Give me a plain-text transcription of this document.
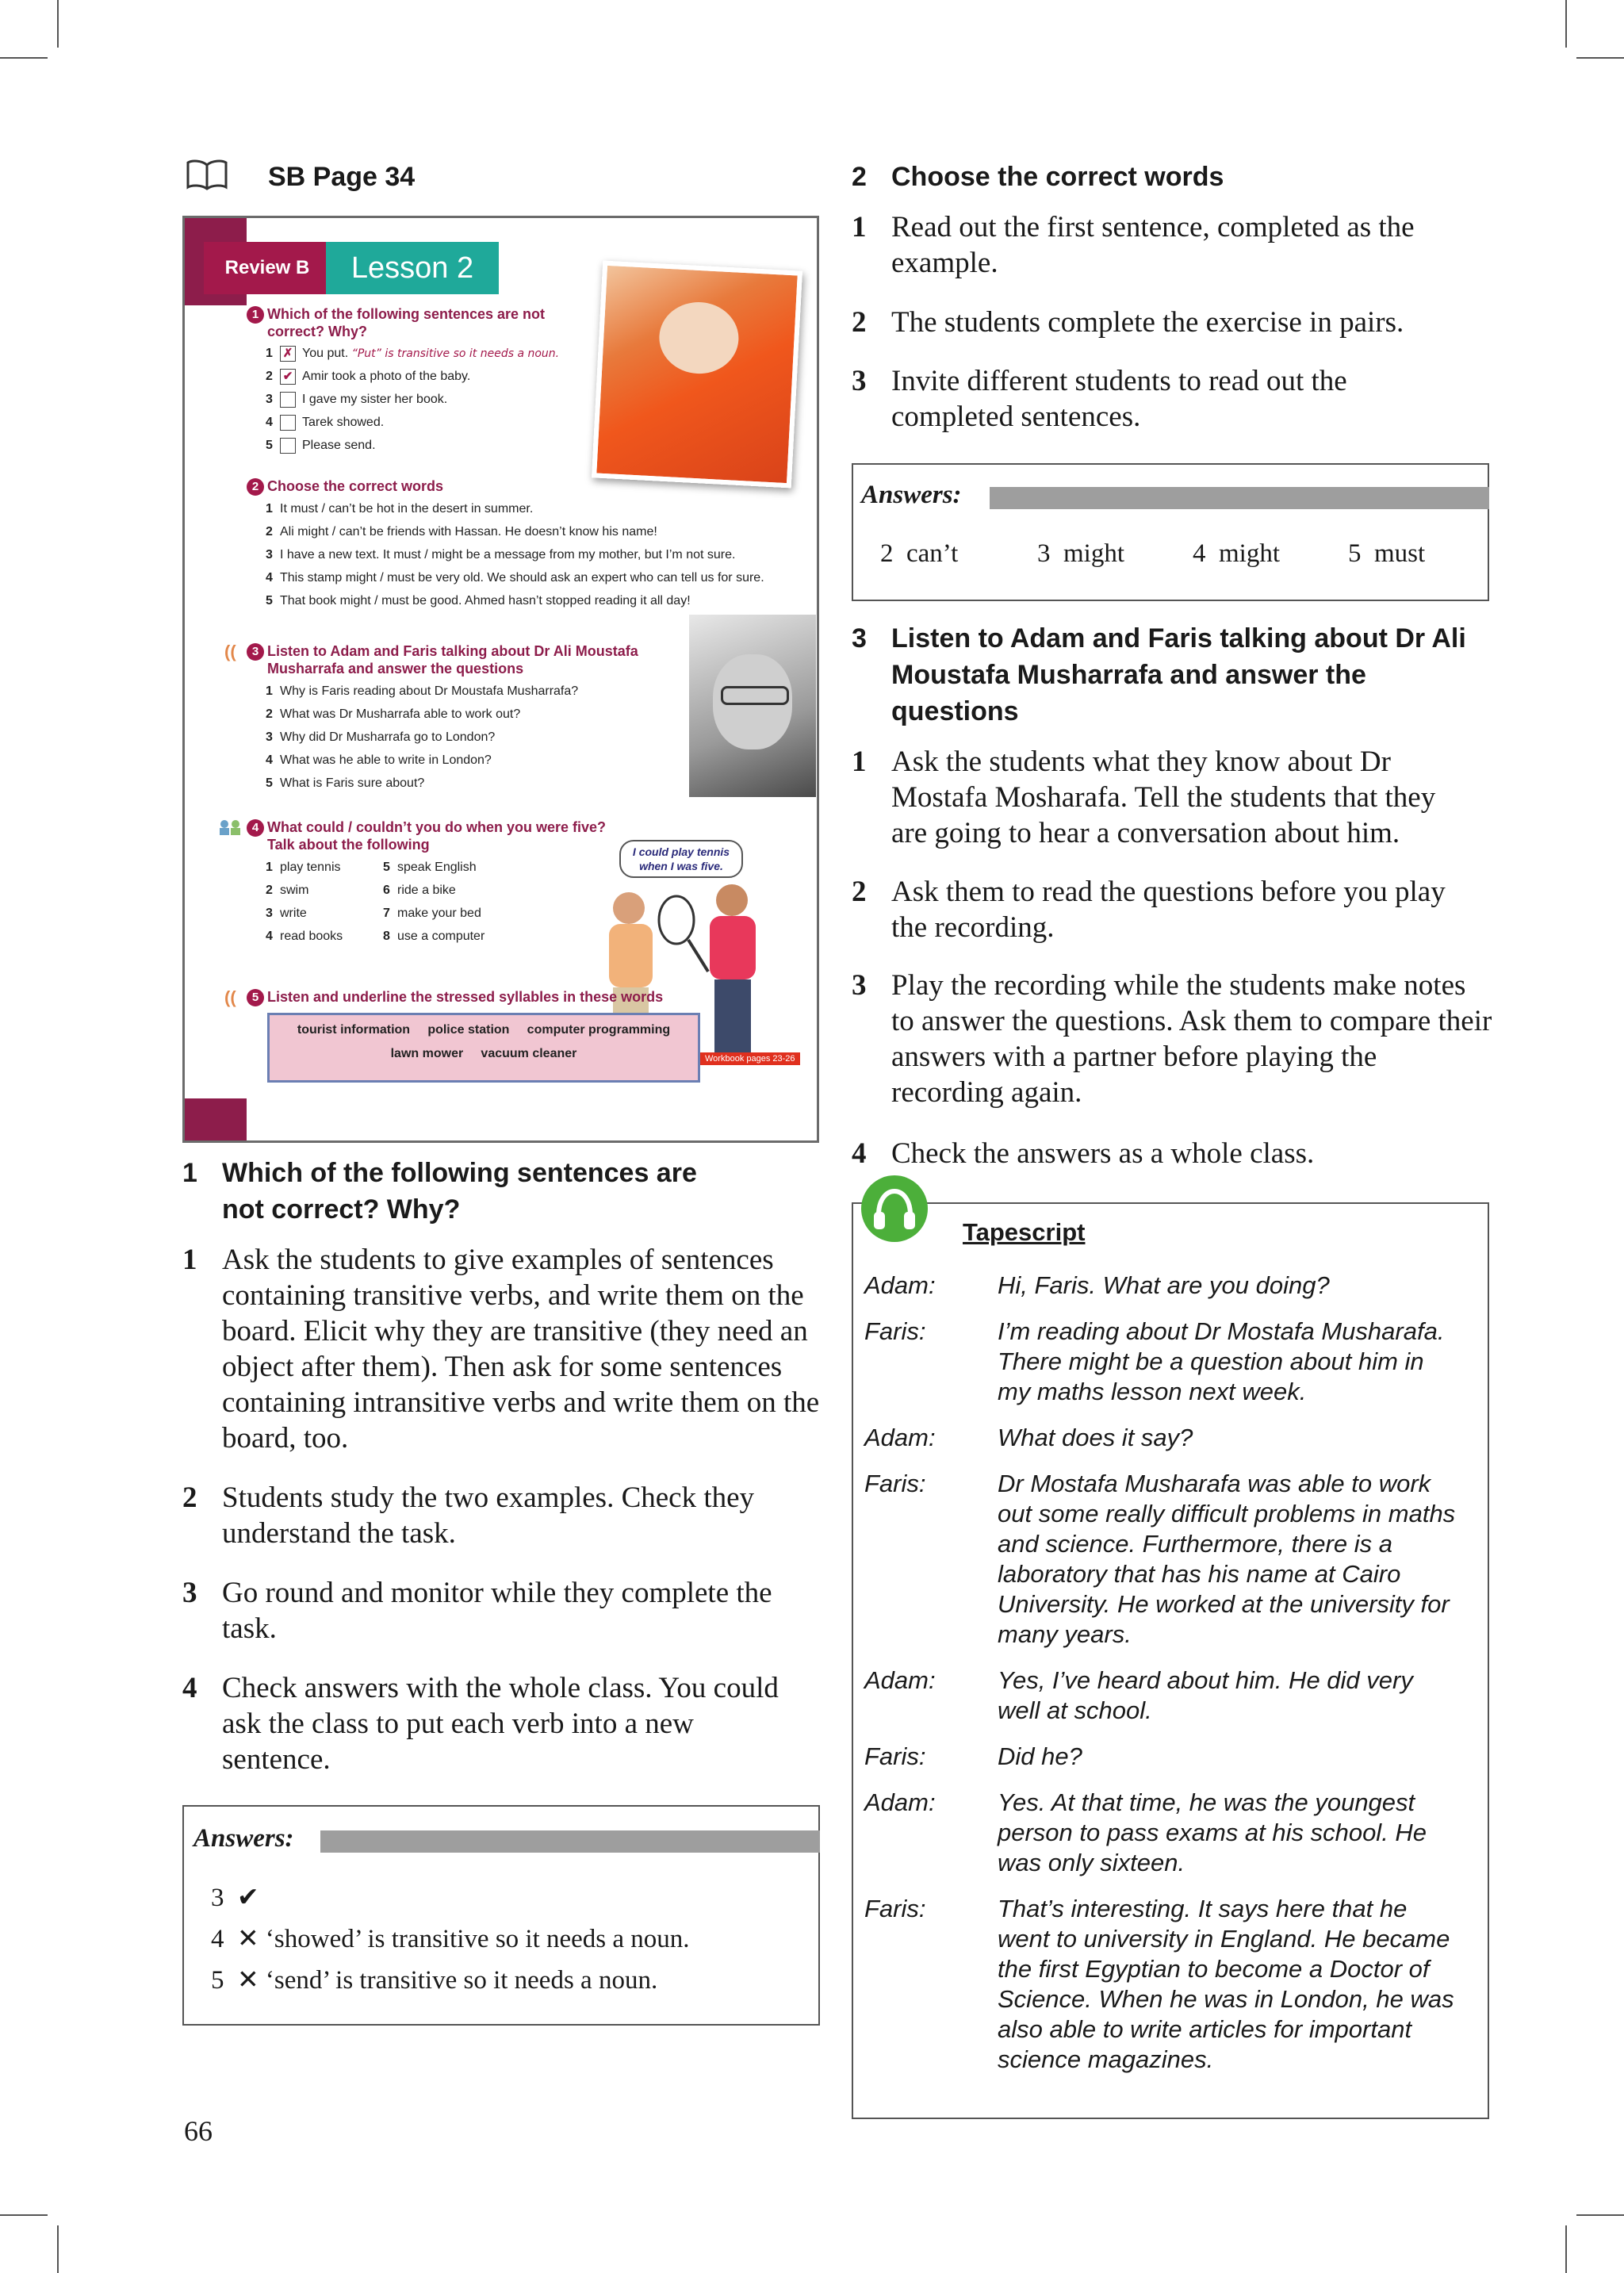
SB Page 34
Review B	Lesson 2
1 Which of the following sentences are not correct? Why?
1 ✗ You put. “Put” is transitive so it needs a noun.
2 ✔ Amir took a photo of the baby.
3 I gave my sister her book.
4 Tarek showed.
5 Please send.
2 Choose the correct words
1 It must / can’t be hot in the desert in summer.
2 Ali might / can’t be friends with Hassan. He doesn’t know his name!
3 I have a new text. It must / might be a message from my mother, but I’m not sure.
4 This stamp might / must be very old. We should ask an expert who can tell us for sure.
5 That book might / must be good. Ahmed hasn’t stopped reading it all day!
((	3 Listen to Adam and Faris talking about Dr Ali Moustafa Musharrafa and answer the questions
1 Why is Faris reading about Dr Moustafa Musharrafa?
2 What was Dr Musharrafa able to work out?
3 Why did Dr Musharrafa go to London?
4 What was he able to write in London?
5 What is Faris sure about?
4 What could / couldn’t you do when you were five?
Talk about the following
1 play tennis
2 swim
3 write
4 read books
5 speak English
6 ride a bike
7 make your bed
8 use a computer
I could play tennis when I was five.
((	5 Listen and underline the stressed syllables in these words
tourist information police station computer programming
lawn mower vacuum cleaner	Workbook pages 23-26
34
1 Which of the following sentences are not correct? Why?
1 Ask the students to give examples of sentences containing transitive verbs, and write them on the board. Elicit why they are transitive (they need an object after them). Then ask for some sentences containing intransitive verbs and write them on the board, too.
2 Students study the two examples. Check they understand the task.
3 Go round and monitor while they complete the task.
4 Check answers with the whole class. You could ask the class to put each verb into a new sentence.
Answers:
3 ✔
4 ✕ ‘showed’ is transitive so it needs a noun.
5 ✕ ‘send’ is transitive so it needs a noun.
66
2 Choose the correct words
1 Read out the first sentence, completed as the example.
2 The students complete the exercise in pairs.
3 Invite different students to read out the completed sentences.
Answers:
2 can’t	3 might	4 might	5 must
3 Listen to Adam and Faris talking about Dr Ali Moustafa Musharrafa and answer the questions
1 Ask the students what they know about Dr Mostafa Mosharafa. Tell the students that they are going to hear a conversation about him.
2 Ask them to read the questions before you play the recording.
3 Play the recording while the students make notes to answer the questions. Ask them to compare their answers with a partner before playing the recording again.
4 Check the answers as a whole class.
Adam:	Hi, Faris. What are you doing?
Faris:	I’m reading about Dr Mostafa Musharafa. There might be a question about him in my maths lesson next week.
Adam:	What does it say?
Faris:	Dr Mostafa Musharafa was able to work out some really difficult problems in maths and science. Furthermore, there is a laboratory that has his name at Cairo University. He worked at the university for many years.
Adam:	Yes, I’ve heard about him. He did very well at school.
Faris:	Did he?
Adam:	Yes. At that time, he was the youngest person to pass exams at his school. He was only sixteen.
Faris:	That’s interesting. It says here that he went to university in England. He became the first Egyptian to become a Doctor of Science. When he was in London, he was also able to write articles for important science magazines.
Tapescript
